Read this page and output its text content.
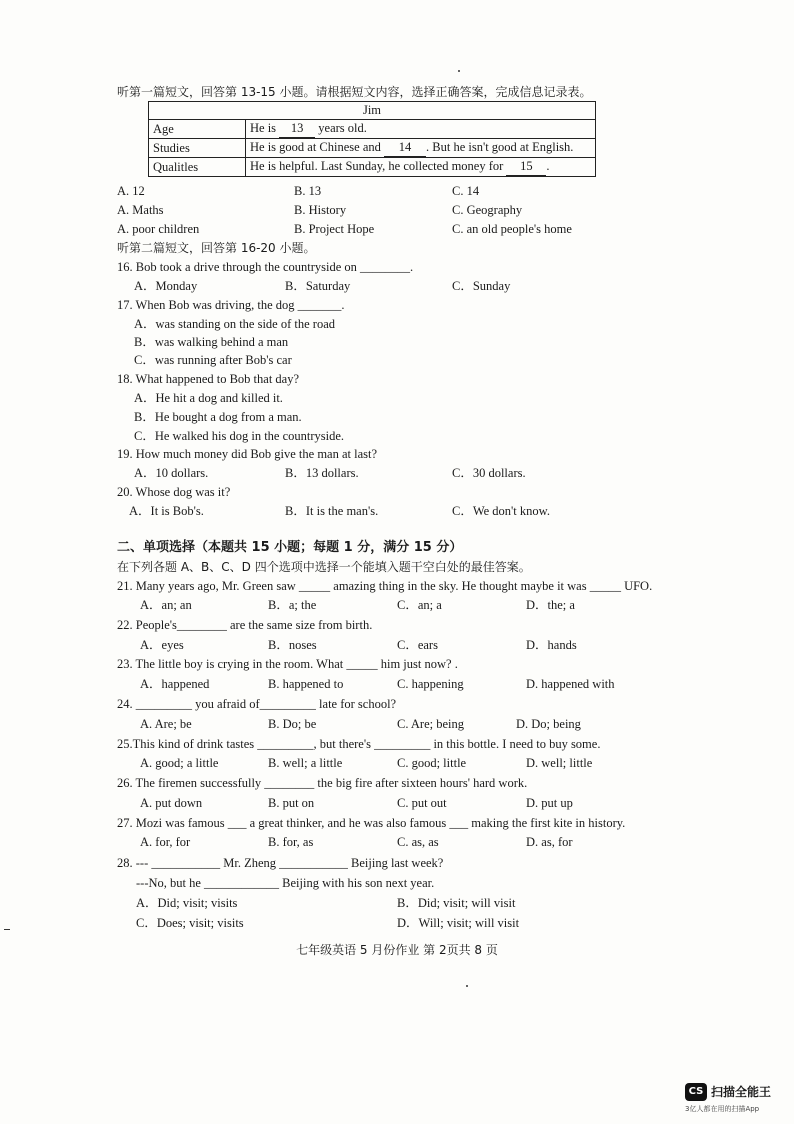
听第一篇短文，回答第 13-15 小题。请根据短文内容，选择正确答案，完成信息记录表。
Jim	
Age	He is 13 years old.
Studies	He is good at Chinese and 14 . But he isn't good at English.
Qualitles	He is helpful. Last Sunday, he collected money for 15 .
A. 12	B. 13	C. 14
A. Maths	B. History	C. Geography
A. poor children	B. Project Hope	C. an old people's home
听第二篇短文，回答第 16-20 小题。
16. Bob took a drive through the countryside on ________.
A．Monday	B．Saturday	C．Sunday
17. When Bob was driving, the dog _______.
A．was standing on the side of the road
B．was walking behind a man
C．was running after Bob's car
18. What happened to Bob that day?
A．He hit a dog and killed it.
B．He bought a dog from a man.
C．He walked his dog in the countryside.
19. How much money did Bob give the man at last?
A．10 dollars.	B．13 dollars.	C．30 dollars.
20. Whose dog was it?
A．It is Bob's.	B．It is the man's.	C．We don't know.
二、单项选择（本题共 15 小题；每题 1 分，满分 15 分）
在下列各题 A、B、C、D 四个选项中选择一个能填入题干空白处的最佳答案。
21. Many years ago, Mr. Green saw _____ amazing thing in the sky. He thought maybe it was _____ UFO.
A．an; an	B．a; the	C．an; a	D．the; a
22. People's________ are the same size from birth.
A．eyes	B．noses	C．ears	D．hands
23. The little boy is crying in the room. What _____ him just now? .
A．happened	B. happened to	C. happening	D. happened with
24. _________ you afraid of_________ late for school?
A. Are; be	B. Do; be	C. Are; being	D. Do; being
25.This kind of drink tastes _________, but there's _________ in this bottle. I need to buy some.
A. good; a little	B. well; a little	C. good; little	D. well; little
26. The firemen successfully ________ the big fire after sixteen hours' hard work.
A. put down	B. put on	C. put out	D. put up
27. Mozi was famous ___ a great thinker, and he was also famous ___ making the first kite in history.
A. for, for	B. for, as	C. as, as	D. as, for
28. --- ___________ Mr. Zheng ___________ Beijing last week?
---No, but he ____________ Beijing with his son next year.
A．Did; visit; visits	B．Did; visit; will visit
C．Does; visit; visits	D．Will; visit; will visit
七年级英语 5 月份作业 第 2页共 8 页
CS 扫描全能王
3亿人都在用的扫描App
